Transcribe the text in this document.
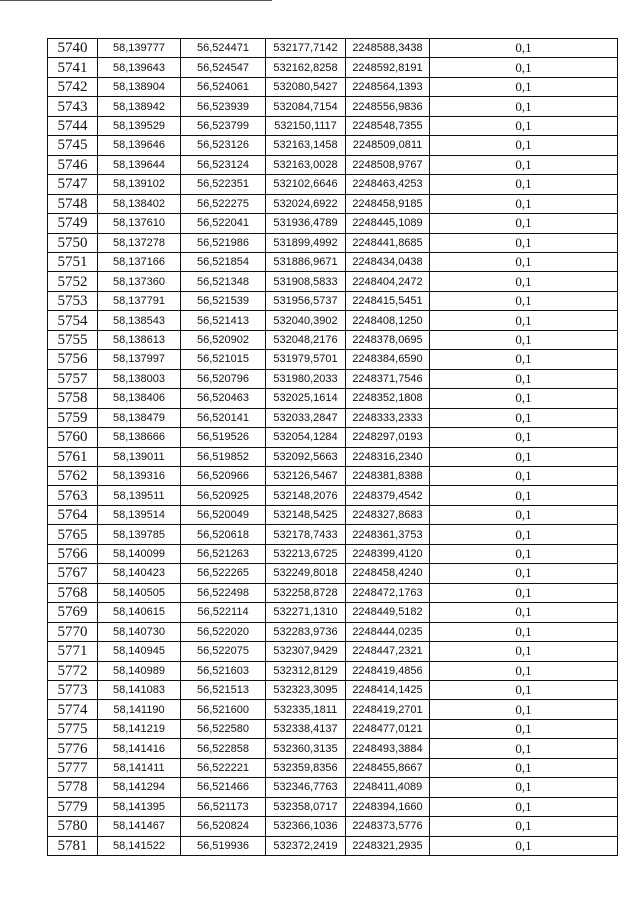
5740	58,139777	56,524471	532177,7142	2248588,3438	0,1
5741	58,139643	56,524547	532162,8258	2248592,8191	0,1
5742	58,138904	56,524061	532080,5427	2248564,1393	0,1
5743	58,138942	56,523939	532084,7154	2248556,9836	0,1
5744	58,139529	56,523799	532150,1117	2248548,7355	0,1
5745	58,139646	56,523126	532163,1458	2248509,0811	0,1
5746	58,139644	56,523124	532163,0028	2248508,9767	0,1
5747	58,139102	56,522351	532102,6646	2248463,4253	0,1
5748	58,138402	56,522275	532024,6922	2248458,9185	0,1
5749	58,137610	56,522041	531936,4789	2248445,1089	0,1
5750	58,137278	56,521986	531899,4992	2248441,8685	0,1
5751	58,137166	56,521854	531886,9671	2248434,0438	0,1
5752	58,137360	56,521348	531908,5833	2248404,2472	0,1
5753	58,137791	56,521539	531956,5737	2248415,5451	0,1
5754	58,138543	56,521413	532040,3902	2248408,1250	0,1
5755	58,138613	56,520902	532048,2176	2248378,0695	0,1
5756	58,137997	56,521015	531979,5701	2248384,6590	0,1
5757	58,138003	56,520796	531980,2033	2248371,7546	0,1
5758	58,138406	56,520463	532025,1614	2248352,1808	0,1
5759	58,138479	56,520141	532033,2847	2248333,2333	0,1
5760	58,138666	56,519526	532054,1284	2248297,0193	0,1
5761	58,139011	56,519852	532092,5663	2248316,2340	0,1
5762	58,139316	56,520966	532126,5467	2248381,8388	0,1
5763	58,139511	56,520925	532148,2076	2248379,4542	0,1
5764	58,139514	56,520049	532148,5425	2248327,8683	0,1
5765	58,139785	56,520618	532178,7433	2248361,3753	0,1
5766	58,140099	56,521263	532213,6725	2248399,4120	0,1
5767	58,140423	56,522265	532249,8018	2248458,4240	0,1
5768	58,140505	56,522498	532258,8728	2248472,1763	0,1
5769	58,140615	56,522114	532271,1310	2248449,5182	0,1
5770	58,140730	56,522020	532283,9736	2248444,0235	0,1
5771	58,140945	56,522075	532307,9429	2248447,2321	0,1
5772	58,140989	56,521603	532312,8129	2248419,4856	0,1
5773	58,141083	56,521513	532323,3095	2248414,1425	0,1
5774	58,141190	56,521600	532335,1811	2248419,2701	0,1
5775	58,141219	56,522580	532338,4137	2248477,0121	0,1
5776	58,141416	56,522858	532360,3135	2248493,3884	0,1
5777	58,141411	56,522221	532359,8356	2248455,8667	0,1
5778	58,141294	56,521466	532346,7763	2248411,4089	0,1
5779	58,141395	56,521173	532358,0717	2248394,1660	0,1
5780	58,141467	56,520824	532366,1036	2248373,5776	0,1
5781	58,141522	56,519936	532372,2419	2248321,2935	0,1
